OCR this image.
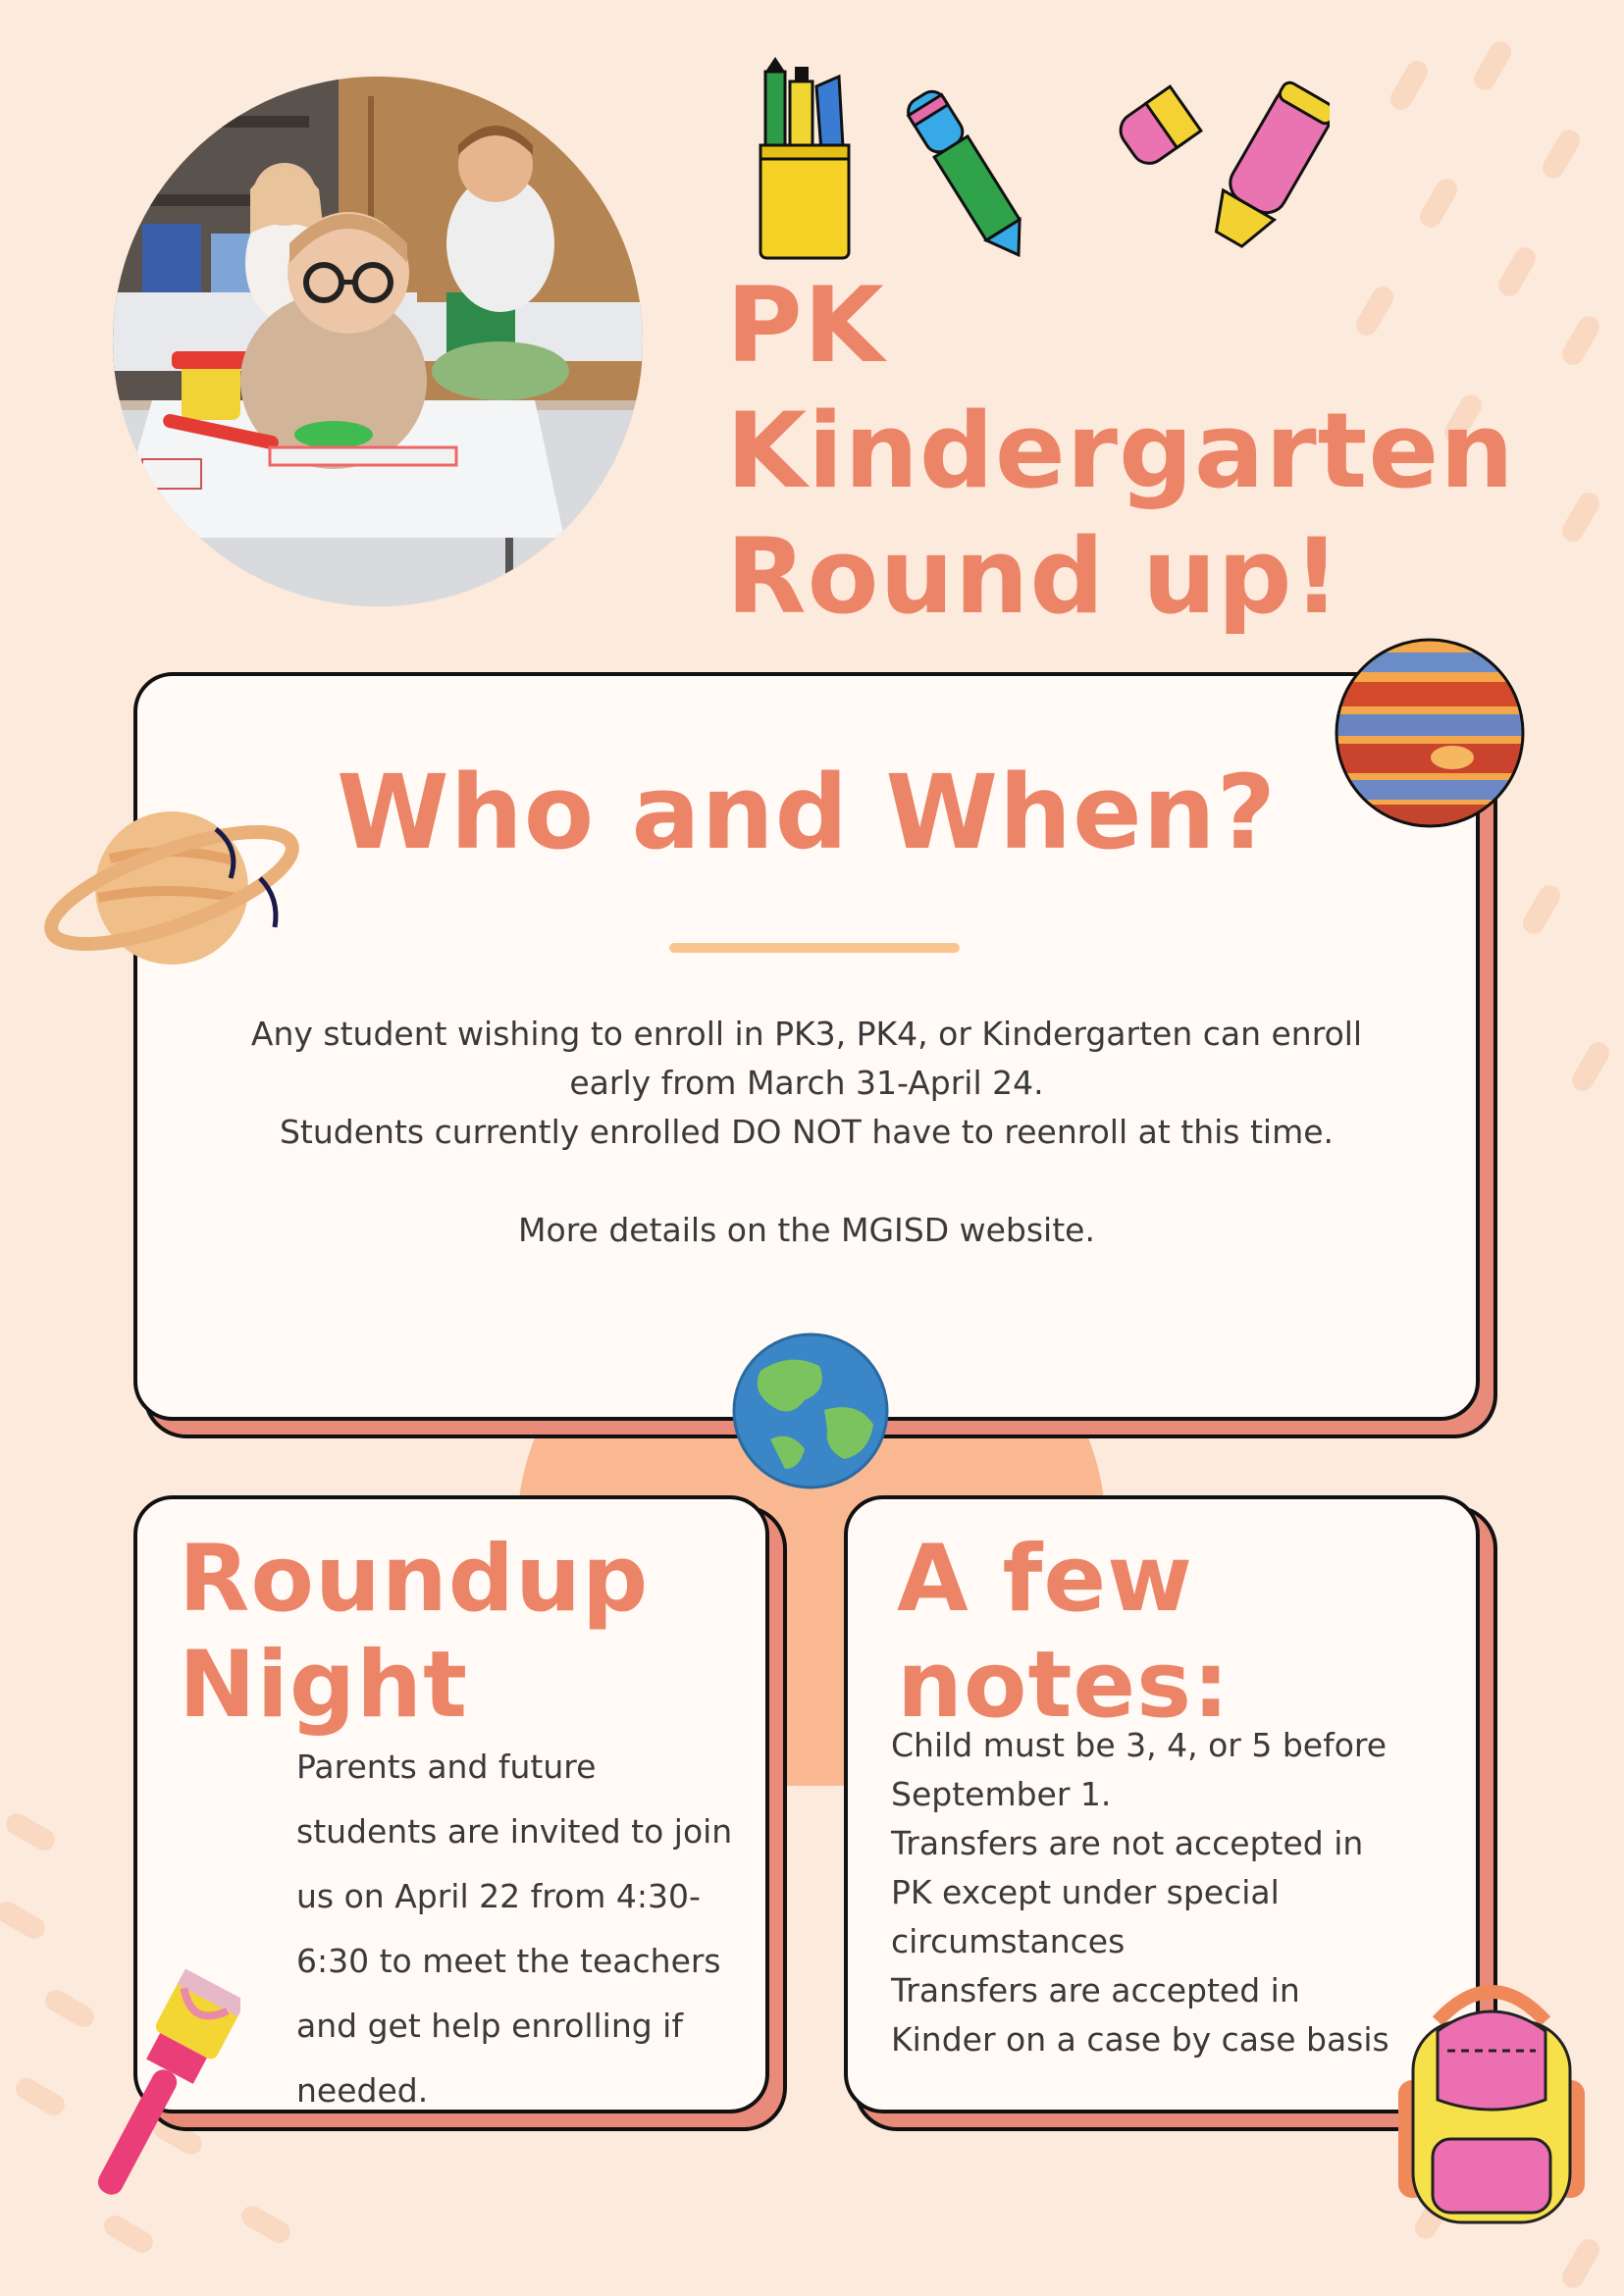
PK
Kindergarten
Round up!
Who and When?
Any student wishing to enroll in PK3, PK4, or Kindergarten can enroll
early from March 31-April 24.
Students currently enrolled DO NOT have to reenroll at this time.
More details on the MGISD website.
Roundup
Night
Parents and future
students are invited to join
us on April 22 from 4:30-
6:30 to meet the teachers
and get help enrolling if
needed.
A few
notes:
Child must be 3, 4, or 5 before
September 1.
Transfers are not accepted in
PK except under special
circumstances
Transfers are accepted in
Kinder on a case by case basis
